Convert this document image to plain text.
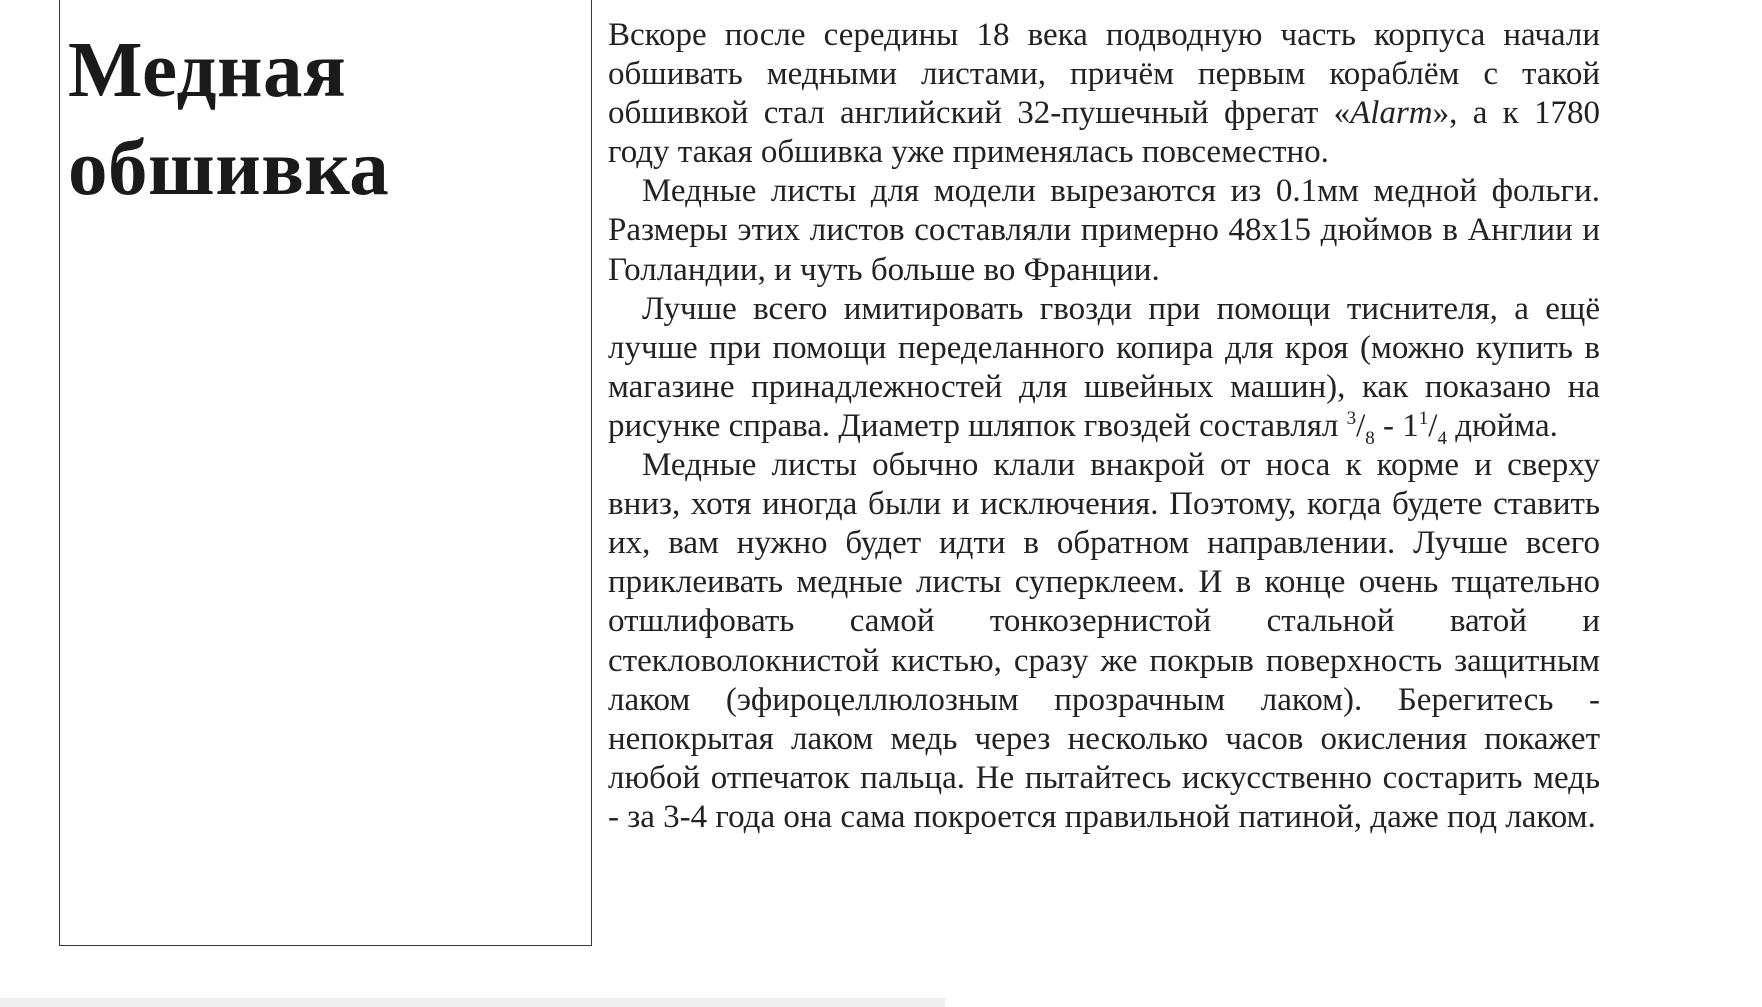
Медная
обшивка

Вскоре после середины 18 века подводную часть корпуса начали обшивать медными листами, причём первым кораблём с такой обшивкой стал английский 32-пушечный фрегат «Alarm», а к 1780 году такая обшивка уже применялась повсеместно.

Медные листы для модели вырезаются из 0.1мм медной фольги. Размеры этих листов составляли примерно 48x15 дюймов в Англии и Голландии, и чуть больше во Франции.

Лучше всего имитировать гвозди при помощи тиснителя, а ещё лучше при помощи переделанного копира для кроя (можно купить в магазине принадлежностей для швейных машин), как показано на рисунке справа. Диаметр шляпок гвоздей составлял $^3/_8 - 1^1/_4$ дюйма.

Медные листы обычно клали внакрой от носа к корме и сверху вниз, хотя иногда были и исключения. Поэтому, когда будете ставить их, вам нужно будет идти в обратном направлении. Лучше всего приклеивать медные листы суперклеем. И в конце очень тщательно отшлифовать самой тонкозернистой стальной ватой и стекловолокнистой кистью, сразу же покрыв поверхность защитным лаком (эфироцеллюлозным прозрачным лаком). Берегитесь - непокрытая лаком медь через несколько часов окисления покажет любой отпечаток пальца. Не пытайтесь искусственно состарить медь - за 3-4 года она сама покроется правильной патиной, даже под лаком.
